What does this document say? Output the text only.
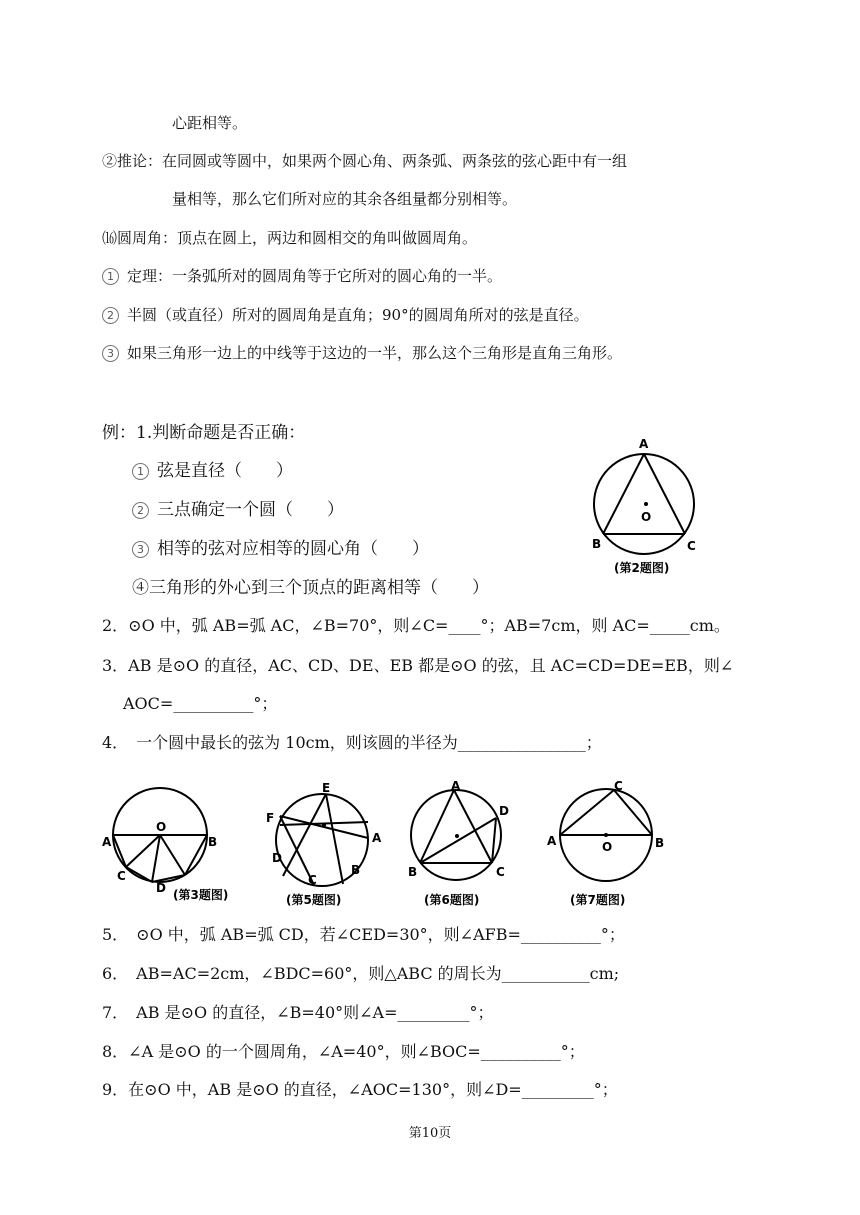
心距相等。
②推论：在同圆或等圆中，如果两个圆心角、两条弧、两条弦的弦心距中有一组
量相等，那么它们所对应的其余各组量都分别相等。
⒃圆周角：顶点在圆上，两边和圆相交的角叫做圆周角。
1 定理：一条弧所对的圆周角等于它所对的圆心角的一半。
2 半圆（或直径）所对的圆周角是直角；90°的圆周角所对的弦是直径。
3 如果三角形一边上的中线等于这边的一半，那么这个三角形是直角三角形。
例：1.判断命题是否正确：
1 弦是直径（　　）
2 三点确定一个圆（　　）
3 相等的弦对应相等的圆心角（　　）
④三角形的外心到三个顶点的距离相等（　　）
A
B	C
O
(第2题图)
2．⊙O 中，弧 AB=弧 AC，∠B=70°，则∠C=____°；AB=7cm，则 AC=_____cm。
3．AB 是⊙O 的直径，AC、CD、DE、EB 都是⊙O 的弦，且 AC=CD=DE=EB，则∠
AOC=__________°；
4．　一个圆中最长的弦为 10cm，则该圆的半径为________________；
A	B
C
D
O
(第3题图)
E
F
A
D
C
B
(第5题图)
A
D
B	C
(第6题图)
C
A	B
O
(第7题图)
5．　⊙O 中，弧 AB=弧 CD，若∠CED=30°，则∠AFB=__________°；
6．　AB=AC=2cm，∠BDC=60°，则△ABC 的周长为___________cm;
7．　AB 是⊙O 的直径，∠B=40°则∠A=_________°；
8．∠A 是⊙O 的一个圆周角，∠A=40°，则∠BOC=__________°；
9．在⊙O 中，AB 是⊙O 的直径，∠AOC=130°，则∠D=_________°；
第10页
